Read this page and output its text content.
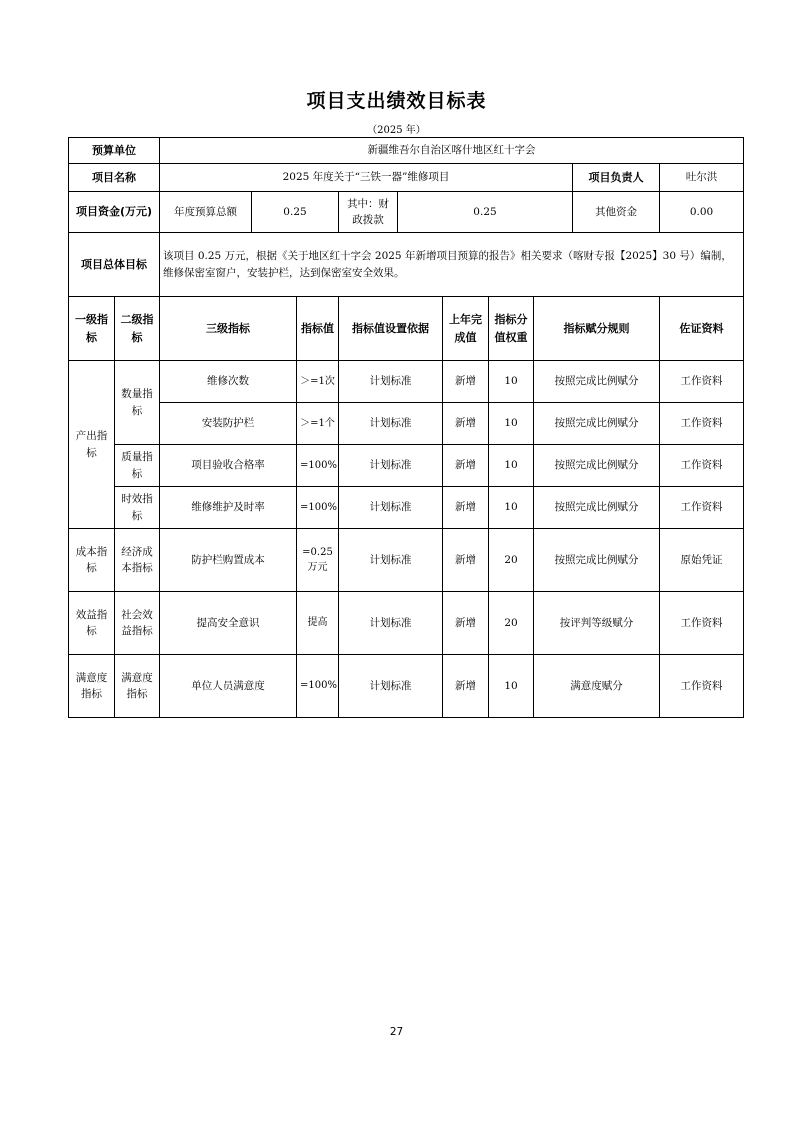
项目支出绩效目标表
（2025 年）
预算单位		新疆维吾尔自治区喀什地区红十字会									
项目名称		2025 年度关于“三铁一器”维修项目								项目负责人	吐尔洪
项目资金(万元)		年度预算总额	0.25		其中：财政拨款	0.25				其他资金	0.00
项目总体目标		该项目 0.25 万元，根据《关于地区红十字会 2025 年新增项目预算的报告》相关要求（喀财专报【2025】30 号）编制，维修保密室窗户，安装护栏，达到保密室安全效果。									
一级指标	二级指标	三级指标		指标值	指标值设置依据		上年完成值	指标分值权重	指标赋分规则		佐证资料
产出指标	数量指标	维修次数		＞=1次	计划标准		新增	10	按照完成比例赋分		工作资料
		安装防护栏		＞=1个	计划标准		新增	10	按照完成比例赋分		工作资料
	质量指标	项目验收合格率		=100%	计划标准		新增	10	按照完成比例赋分		工作资料
	时效指标	维修维护及时率		=100%	计划标准		新增	10	按照完成比例赋分		工作资料
成本指标	经济成本指标	防护栏购置成本		=0.25万元	计划标准		新增	20	按照完成比例赋分		原始凭证
效益指标	社会效益指标	提高安全意识		提高	计划标准		新增	20	按评判等级赋分		工作资料
满意度指标	满意度指标	单位人员满意度		=100%	计划标准		新增	10	满意度赋分		工作资料
27
